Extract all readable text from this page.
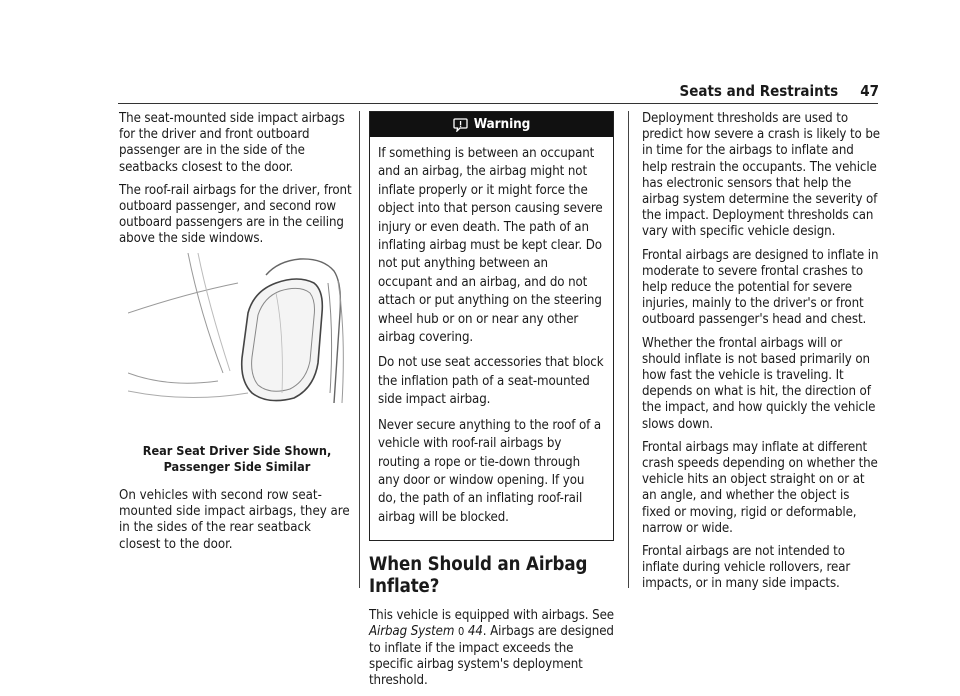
Seats and Restraints 47

The seat-mounted side impact airbags for the driver and front outboard passenger are in the side of the seatbacks closest to the door.

The roof-rail airbags for the driver, front outboard passenger, and second row outboard passengers are in the ceiling above the side windows.

Rear Seat Driver Side Shown, Passenger Side Similar

On vehicles with second row seat-mounted side impact airbags, they are in the sides of the rear seatback closest to the door.

Warning

If something is between an occupant and an airbag, the airbag might not inflate properly or it might force the object into that person causing severe injury or even death. The path of an inflating airbag must be kept clear. Do not put anything between an occupant and an airbag, and do not attach or put anything on the steering wheel hub or on or near any other airbag covering.

Do not use seat accessories that block the inflation path of a seat-mounted side impact airbag.

Never secure anything to the roof of a vehicle with roof-rail airbags by routing a rope or tie-down through any door or window opening. If you do, the path of an inflating roof-rail airbag will be blocked.

When Should an Airbag Inflate?

This vehicle is equipped with airbags. See Airbag System 0 44. Airbags are designed to inflate if the impact exceeds the specific airbag system's deployment threshold.

Deployment thresholds are used to predict how severe a crash is likely to be in time for the airbags to inflate and help restrain the occupants. The vehicle has electronic sensors that help the airbag system determine the severity of the impact. Deployment thresholds can vary with specific vehicle design.

Frontal airbags are designed to inflate in moderate to severe frontal crashes to help reduce the potential for severe injuries, mainly to the driver's or front outboard passenger's head and chest.

Whether the frontal airbags will or should inflate is not based primarily on how fast the vehicle is traveling. It depends on what is hit, the direction of the impact, and how quickly the vehicle slows down.

Frontal airbags may inflate at different crash speeds depending on whether the vehicle hits an object straight on or at an angle, and whether the object is fixed or moving, rigid or deformable, narrow or wide.

Frontal airbags are not intended to inflate during vehicle rollovers, rear impacts, or in many side impacts.
